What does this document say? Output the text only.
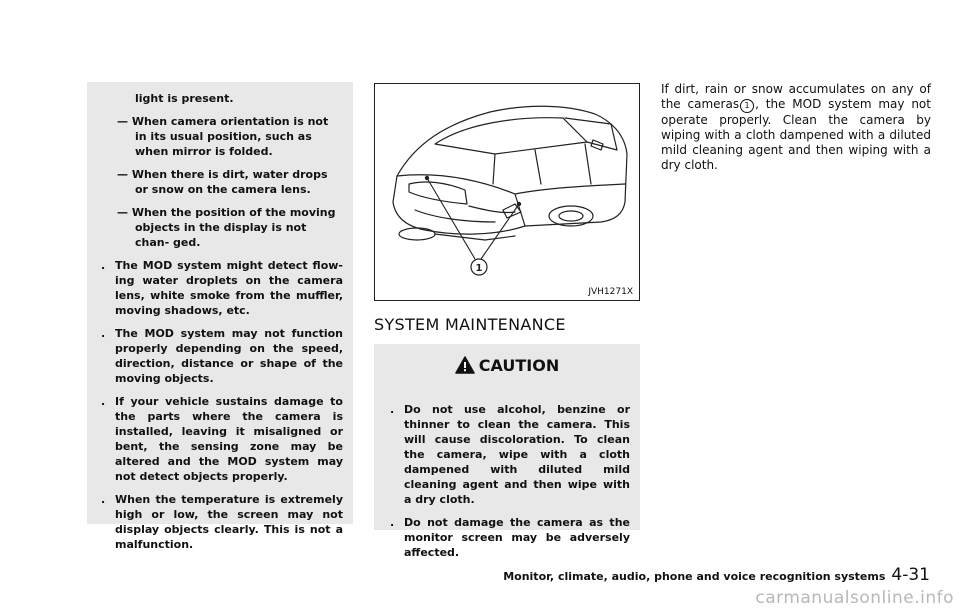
light is present.
— When camera orientation is not in its usual position, such as when mirror is folded.
— When there is dirt, water drops or snow on the camera lens.
— When the position of the moving objects in the display is not chan- ged.
. The MOD system might detect flow- ing water droplets on the camera lens, white smoke from the muffler, moving shadows, etc.
. The MOD system may not function properly depending on the speed, direction, distance or shape of the moving objects.
. If your vehicle sustains damage to the parts where the camera is installed, leaving it misaligned or bent, the sensing zone may be altered and the MOD system may not detect objects properly.
. When the temperature is extremely high or low, the screen may not display objects clearly. This is not a malfunction.
1
JVH1271X
SYSTEM MAINTENANCE
CAUTION
. Do not use alcohol, benzine or thinner to clean the camera. This will cause discoloration. To clean the camera, wipe with a cloth dampened with diluted mild cleaning agent and then wipe with a dry cloth.
. Do not damage the camera as the monitor screen may be adversely affected.
If dirt, rain or snow accumulates on any of the cameras 1 , the MOD system may not operate properly. Clean the camera by wiping with a cloth dampened with a diluted mild cleaning agent and then wiping with a dry cloth.
Monitor, climate, audio, phone and voice recognition systems 4-31
carmanualsonline.info
